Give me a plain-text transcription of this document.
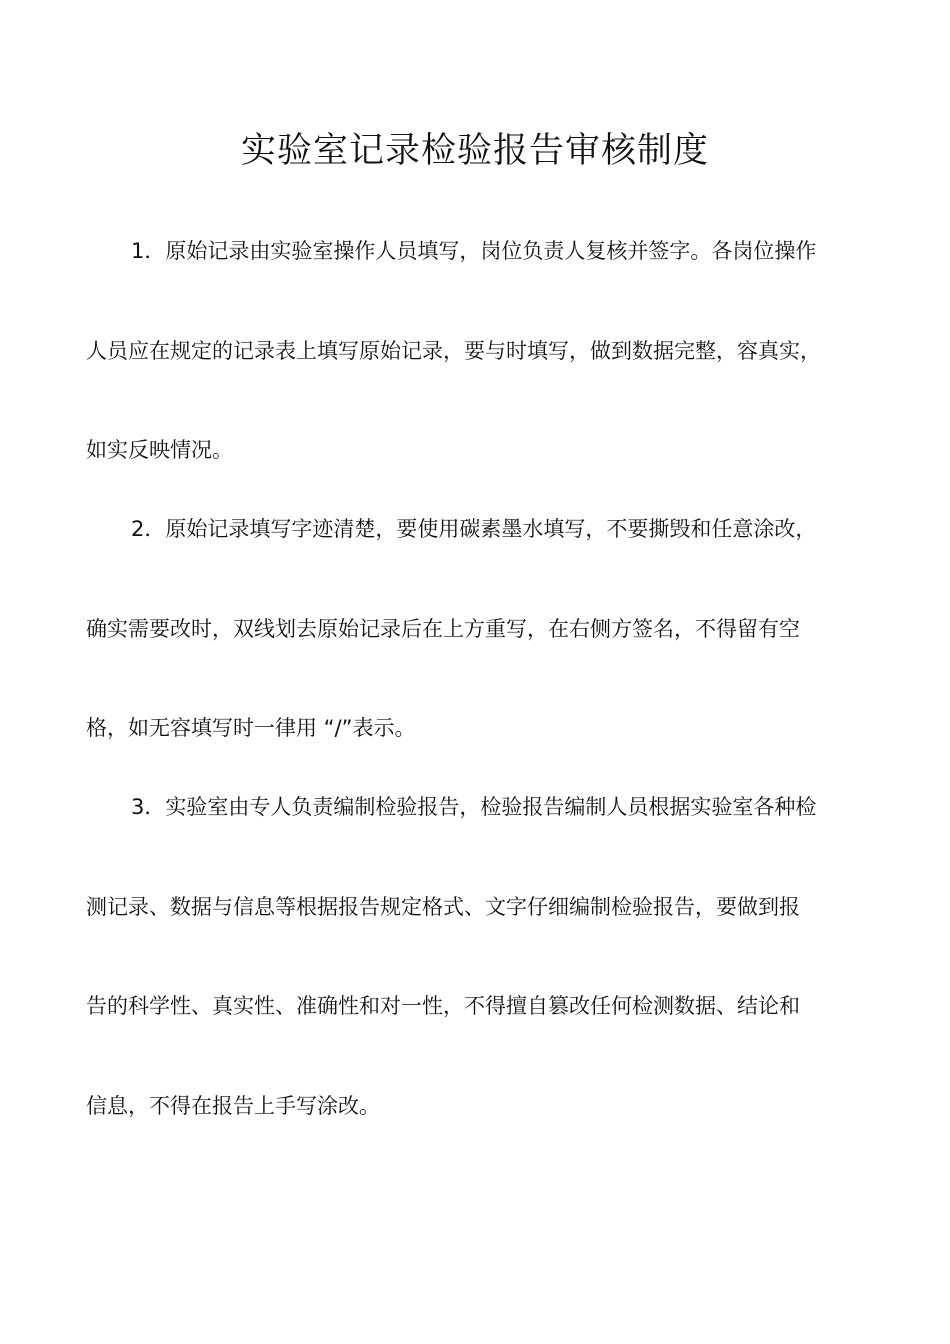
实验室记录检验报告审核制度

1．原始记录由实验室操作人员填写，岗位负责人复核并签字。各岗位操作

人员应在规定的记录表上填写原始记录，要与时填写，做到数据完整，容真实，

如实反映情况。

2．原始记录填写字迹清楚，要使用碳素墨水填写，不要撕毁和任意涂改，

确实需要改时，双线划去原始记录后在上方重写，在右侧方签名，不得留有空

格，如无容填写时一律用 “/”表示。

3．实验室由专人负责编制检验报告，检验报告编制人员根据实验室各种检

测记录、数据与信息等根据报告规定格式、文字仔细编制检验报告，要做到报

告的科学性、真实性、准确性和对一性，不得擅自篡改任何检测数据、结论和

信息，不得在报告上手写涂改。
